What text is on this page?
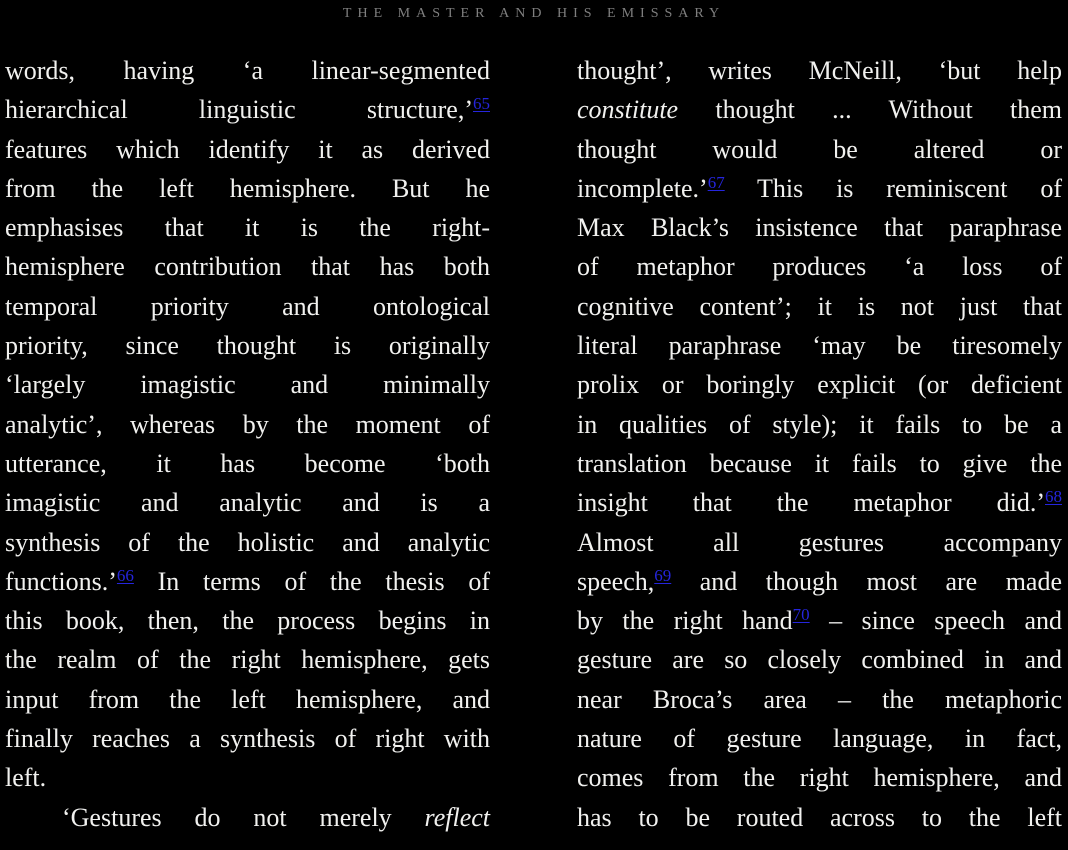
THE MASTER AND HIS EMISSARY
words, having ‘a linear-segmented
hierarchical linguistic structure,’$^{65}$
features which identify it as derived
from the left hemisphere. But he
emphasises that it is the right-
hemisphere contribution that has both
temporal priority and ontological
priority, since thought is originally
‘largely imagistic and minimally
analytic’, whereas by the moment of
utterance, it has become ‘both
imagistic and analytic and is a
synthesis of the holistic and analytic
functions.’$^{66}$ In terms of the thesis of
this book, then, the process begins in
the realm of the right hemisphere, gets
input from the left hemisphere, and
finally reaches a synthesis of right with
left.
‘Gestures do not merely reflect
thought’, writes McNeill, ‘but help
constitute thought ... Without them
thought would be altered or
incomplete.’$^{67}$ This is reminiscent of
Max Black’s insistence that paraphrase
of metaphor produces ‘a loss of
cognitive content’; it is not just that
literal paraphrase ‘may be tiresomely
prolix or boringly explicit (or deficient
in qualities of style); it fails to be a
translation because it fails to give the
insight that the metaphor did.’$^{68}$
Almost all gestures accompany
speech,$^{69}$ and though most are made
by the right hand$^{70}$ – since speech and
gesture are so closely combined in and
near Broca’s area – the metaphoric
nature of gesture language, in fact,
comes from the right hemisphere, and
has to be routed across to the left
